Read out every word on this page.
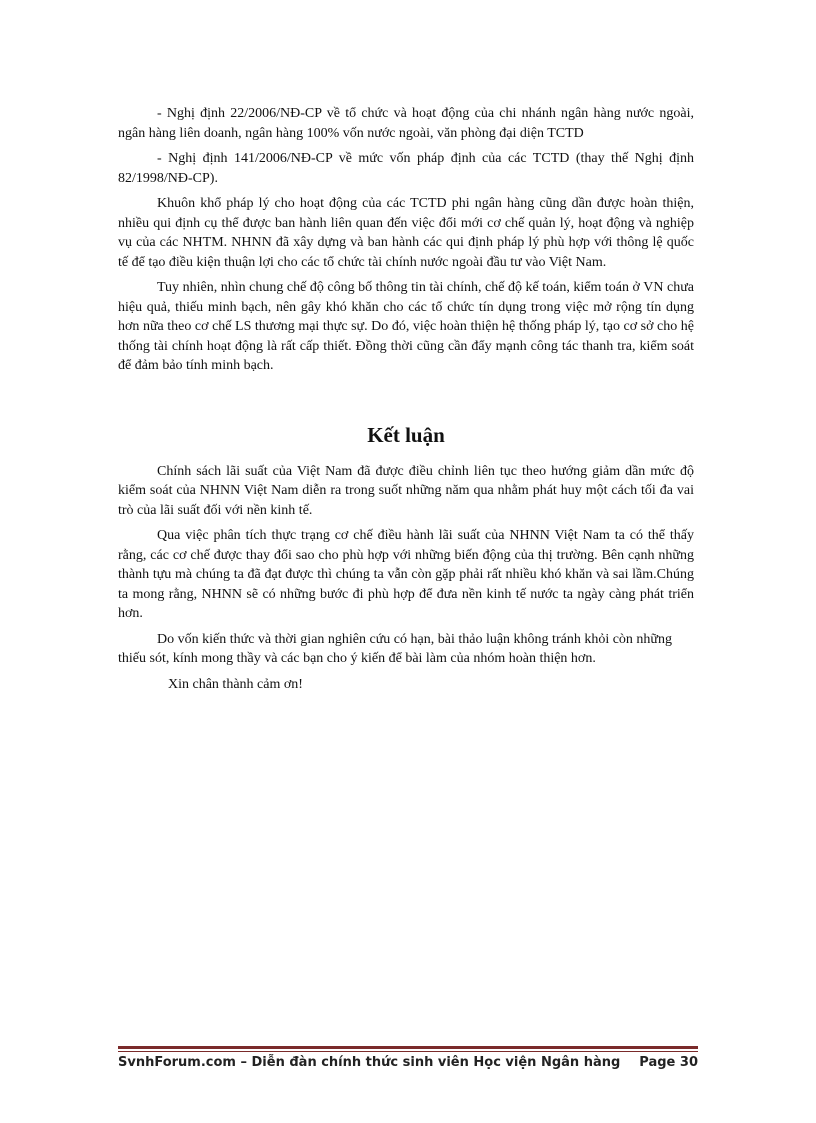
- Nghị định 22/2006/NĐ-CP về tổ chức và hoạt động của chi nhánh ngân hàng nước ngoài, ngân hàng liên doanh, ngân hàng 100% vốn nước ngoài, văn phòng đại diện TCTD

- Nghị định 141/2006/NĐ-CP về mức vốn pháp định của các TCTD (thay thế Nghị định 82/1998/NĐ-CP).

Khuôn khổ pháp lý cho hoạt động của các TCTD phi ngân hàng cũng dần được hoàn thiện, nhiều qui định cụ thể được ban hành liên quan đến việc đổi mới cơ chế quản lý, hoạt động và nghiệp vụ của các NHTM. NHNN đã xây dựng và ban hành các qui định pháp lý phù hợp với thông lệ quốc tế để tạo điều kiện thuận lợi cho các tổ chức tài chính nước ngoài đầu tư vào Việt Nam.

Tuy nhiên, nhìn chung chế độ công bố thông tin tài chính, chế độ kế toán, kiểm toán ở VN chưa hiệu quả, thiếu minh bạch, nên gây khó khăn cho các tổ chức tín dụng trong việc mở rộng tín dụng hơn nữa theo cơ chế LS thương mại thực sự. Do đó, việc hoàn thiện hệ thống pháp lý, tạo cơ sở cho hệ thống tài chính hoạt động là rất cấp thiết. Đồng thời cũng cần đẩy mạnh công tác thanh tra, kiểm soát để đảm bảo tính minh bạch.

Kết luận

Chính sách lãi suất của Việt Nam đã được điều chỉnh liên tục theo hướng giảm dần mức độ kiểm soát của NHNN Việt Nam diễn ra trong suốt những năm qua nhằm phát huy một cách tối đa vai trò của lãi suất đối với nền kinh tế.

Qua việc phân tích thực trạng cơ chế điều hành lãi suất của NHNN Việt Nam ta có thể thấy rằng, các cơ chế được thay đổi sao cho phù hợp với những biến động của thị trường. Bên cạnh những thành tựu mà chúng ta đã đạt được thì chúng ta vẫn còn gặp phải rất nhiều khó khăn và sai lầm.Chúng ta mong rằng, NHNN sẽ có những bước đi phù hợp để đưa nền kinh tế nước ta ngày càng phát triển hơn.

Do vốn kiến thức và thời gian nghiên cứu có hạn, bài thảo luận không tránh khỏi còn những thiếu sót, kính mong thầy và các bạn cho ý kiến để bài làm của nhóm hoàn thiện hơn.

Xin chân thành cảm ơn!

SvnhForum.com – Diễn đàn chính thức sinh viên Học viện Ngân hàng Page 30
